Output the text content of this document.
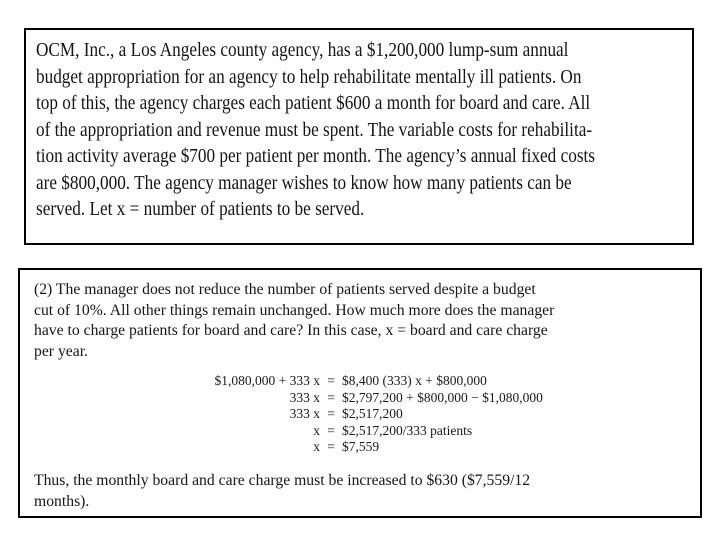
OCM, Inc., a Los Angeles county agency, has a $1,200,000 lump-sum annual
budget appropriation for an agency to help rehabilitate mentally ill patients. On
top of this, the agency charges each patient $600 a month for board and care. All
of the appropriation and revenue must be spent. The variable costs for rehabilita-
tion activity average $700 per patient per month. The agency’s annual fixed costs
are $800,000. The agency manager wishes to know how many patients can be
served. Let x = number of patients to be served.
(2) The manager does not reduce the number of patients served despite a budget
cut of 10%. All other things remain unchanged. How much more does the manager
have to charge patients for board and care? In this case, x = board and care charge
per year.
$1,080,000 + 333 x = $8,400 (333) x + $800,000
333 x = $2,797,200 + $800,000 − $1,080,000
333 x = $2,517,200
x = $2,517,200/333 patients
x = $7,559
Thus, the monthly board and care charge must be increased to $630 ($7,559/12
months).
